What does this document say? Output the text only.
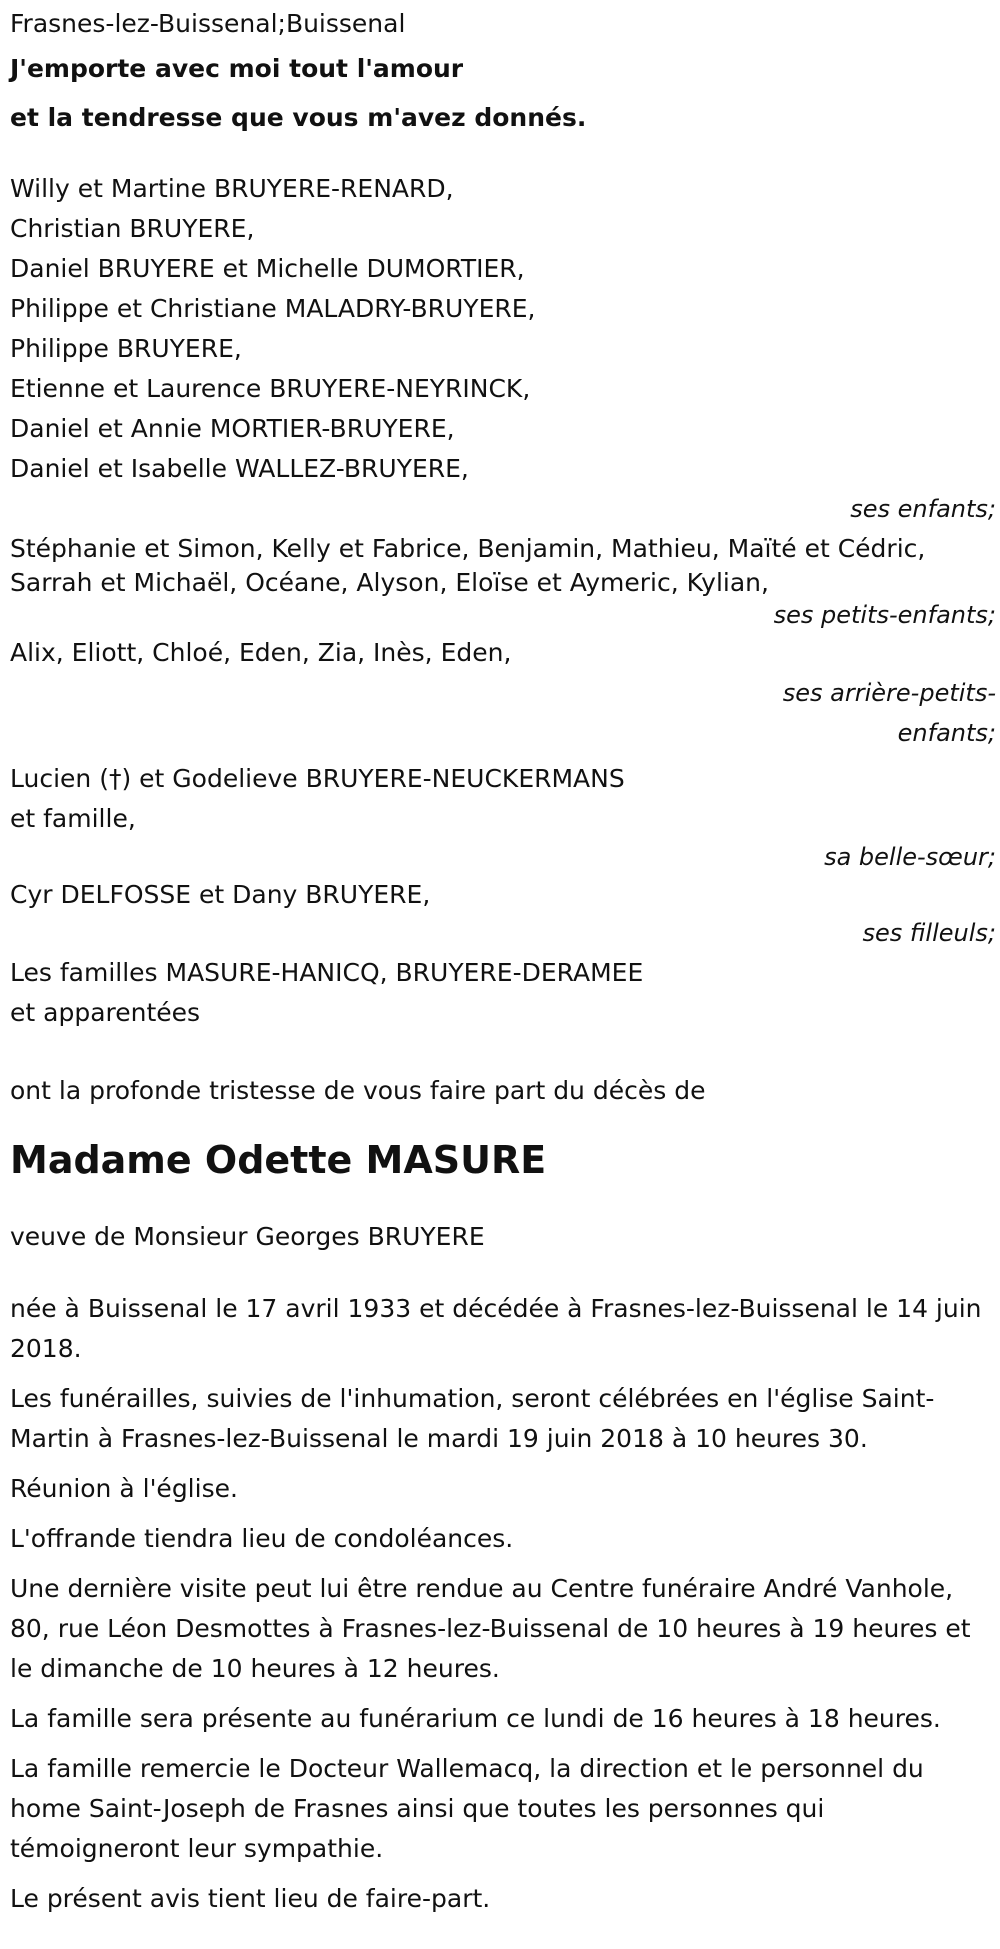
Frasnes-lez-Buissenal;Buissenal
J'emporte avec moi tout l'amour
et la tendresse que vous m'avez donnés.
Willy et Martine BRUYERE-RENARD,
Christian BRUYERE,
Daniel BRUYERE et Michelle DUMORTIER,
Philippe et Christiane MALADRY-BRUYERE,
Philippe BRUYERE,
Etienne et Laurence BRUYERE-NEYRINCK,
Daniel et Annie MORTIER-BRUYERE,
Daniel et Isabelle WALLEZ-BRUYERE,
ses enfants;
Stéphanie et Simon, Kelly et Fabrice, Benjamin, Mathieu, Maïté et Cédric,
Sarrah et Michaël, Océane, Alyson, Eloïse et Aymeric, Kylian,
ses petits-enfants;
Alix, Eliott, Chloé, Eden, Zia, Inès, Eden,
ses arrière-petits-
enfants;
Lucien (†) et Godelieve BRUYERE-NEUCKERMANS
et famille,
sa belle-sœur;
Cyr DELFOSSE et Dany BRUYERE,
ses filleuls;
Les familles MASURE-HANICQ, BRUYERE-DERAMEE
et apparentées
ont la profonde tristesse de vous faire part du décès de
Madame Odette MASURE
veuve de Monsieur Georges BRUYERE
née à Buissenal le 17 avril 1933 et décédée à Frasnes-lez-Buissenal le 14 juin 2018.
Les funérailles, suivies de l'inhumation, seront célébrées en l'église Saint-Martin à Frasnes-lez-Buissenal le mardi 19 juin 2018 à 10 heures 30.
Réunion à l'église.
L'offrande tiendra lieu de condoléances.
Une dernière visite peut lui être rendue au Centre funéraire André Vanhole, 80, rue Léon Desmottes à Frasnes-lez-Buissenal de 10 heures à 19 heures et le dimanche de 10 heures à 12 heures.
La famille sera présente au funérarium ce lundi de 16 heures à 18 heures.
La famille remercie le Docteur Wallemacq, la direction et le personnel du home Saint-Joseph de Frasnes ainsi que toutes les personnes qui témoigneront leur sympathie.
Le présent avis tient lieu de faire-part.
